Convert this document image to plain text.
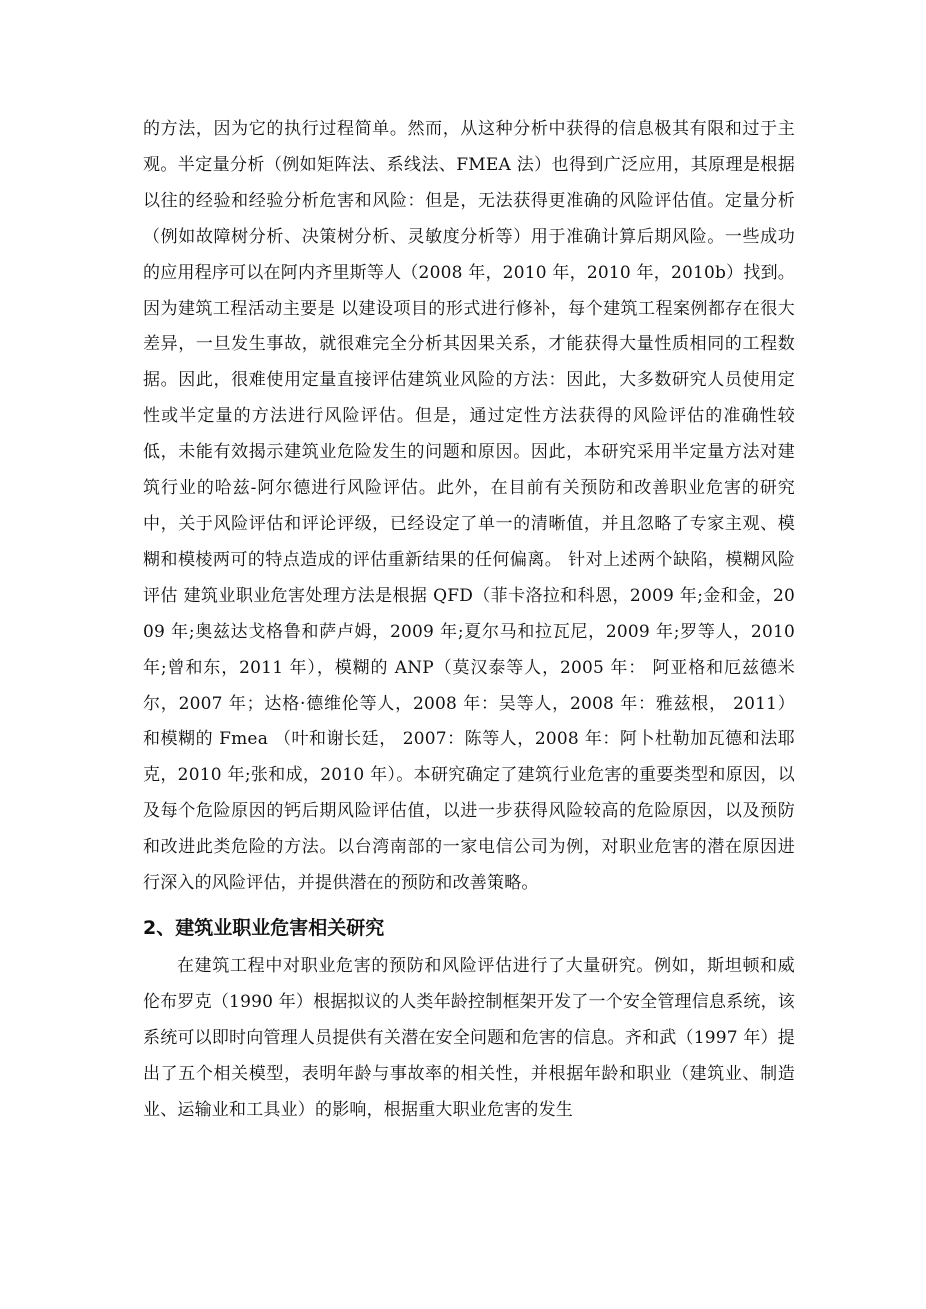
的方法，因为它的执行过程简单。然而，从这种分析中获得的信息极其有限和过于主观。半定量分析（例如矩阵法、系线法、FMEA 法）也得到广泛应用，其原理是根据以往的经验和经验分析危害和风险：但是，无法获得更准确的风险评估值。定量分析（例如故障树分析、决策树分析、灵敏度分析等）用于准确计算后期风险。一些成功的应用程序可以在阿内齐里斯等人（2008 年，2010 年，2010 年，2010b）找到。 因为建筑工程活动主要是 以建设项目的形式进行修补，每个建筑工程案例都存在很大差异，一旦发生事故，就很难完全分析其因果关系，才能获得大量性质相同的工程数据。因此，很难使用定量直接评估建筑业风险的方法：因此，大多数研究人员使用定性或半定量的方法进行风险评估。但是，通过定性方法获得的风险评估的准确性较低，未能有效揭示建筑业危险发生的问题和原因。因此，本研究采用半定量方法对建筑行业的哈兹-阿尔德进行风险评估。此外，在目前有关预防和改善职业危害的研究中，关于风险评估和评论评级，已经设定了单一的清晰值，并且忽略了专家主观、模糊和模棱两可的特点造成的评估重新结果的任何偏离。 针对上述两个缺陷，模糊风险评估 建筑业职业危害处理方法是根据 QFD（菲卡洛拉和科恩，2009 年;金和金，2009 年;奥兹达戈格鲁和萨卢姆，2009 年;夏尔马和拉瓦尼，2009 年;罗等人，2010 年;曾和东，2011 年），模糊的 ANP（莫汉泰等人，2005 年： 阿亚格和厄兹德米尔，2007 年；达格·德维伦等人，2008 年：吴等人，2008 年：雅兹根， 2011） 和模糊的 Fmea （叶和谢长廷， 2007：陈等人，2008 年：阿卜杜勒加瓦德和法耶克，2010 年;张和成，2010 年）。本研究确定了建筑行业危害的重要类型和原因，以及每个危险原因的钙后期风险评估值，以进一步获得风险较高的危险原因，以及预防和改进此类危险的方法。以台湾南部的一家电信公司为例，对职业危害的潜在原因进行深入的风险评估，并提供潜在的预防和改善策略。

2、建筑业职业危害相关研究

在建筑工程中对职业危害的预防和风险评估进行了大量研究。例如，斯坦顿和威伦布罗克（1990 年）根据拟议的人类年龄控制框架开发了一个安全管理信息系统，该系统可以即时向管理人员提供有关潜在安全问题和危害的信息。齐和武（1997 年）提出了五个相关模型，表明年龄与事故率的相关性，并根据年龄和职业（建筑业、制造业、运输业和工具业）的影响，根据重大职业危害的发生
